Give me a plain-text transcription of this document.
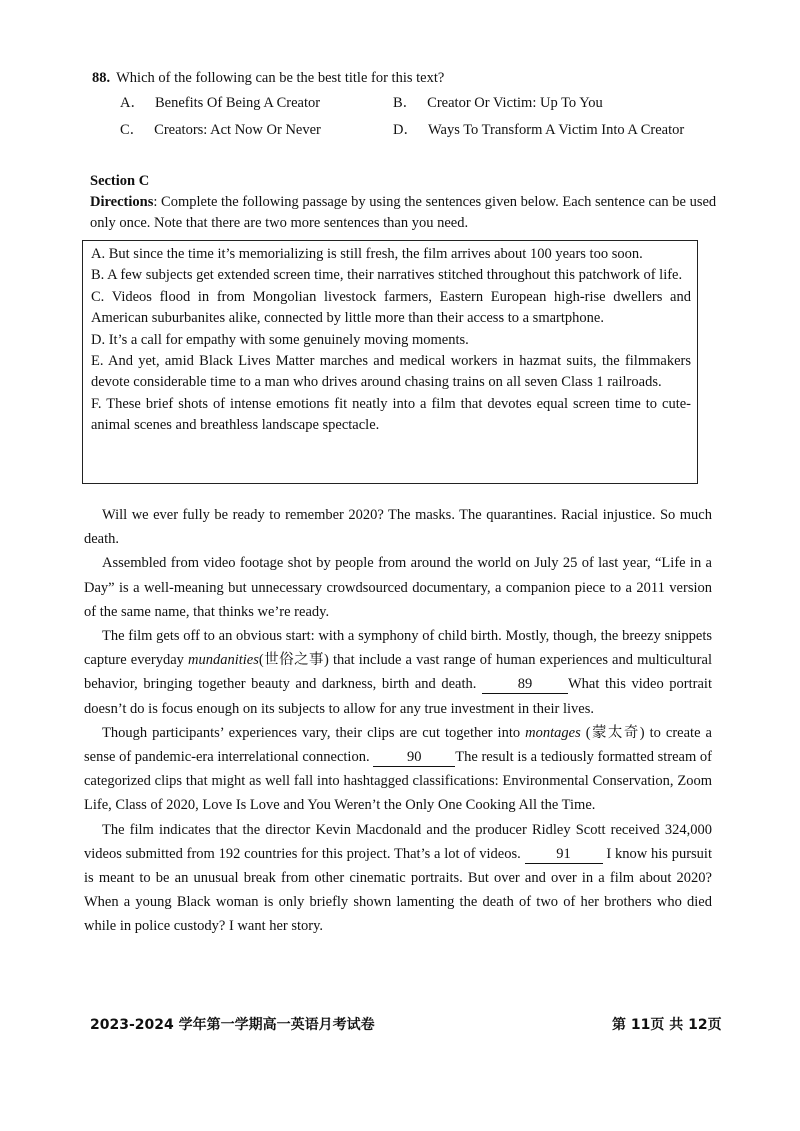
88. Which of the following can be the best title for this text?
A． Benefits Of Being A Creator	B． Creator Or Victim: Up To You
C． Creators: Act Now Or Never	D． Ways To Transform A Victim Into A Creator
Section C
Directions: Complete the following passage by using the sentences given below. Each sentence can be used only once. Note that there are two more sentences than you need.

A. But since the time it’s memorializing is still fresh, the film arrives about 100 years too soon.

B. A few subjects get extended screen time, their narratives stitched throughout this patchwork of life.

C. Videos flood in from Mongolian livestock farmers, Eastern European high-rise dwellers and American suburbanites alike, connected by little more than their access to a smartphone.

D. It’s a call for empathy with some genuinely moving moments.

E. And yet, amid Black Lives Matter marches and medical workers in hazmat suits, the filmmakers devote considerable time to a man who drives around chasing trains on all seven Class 1 railroads.

F. These brief shots of intense emotions fit neatly into a film that devotes equal screen time to cute-animal scenes and breathless landscape spectacle.

Will we ever fully be ready to remember 2020? The masks. The quarantines. Racial injustice. So much death.

Assembled from video footage shot by people from around the world on July 25 of last year, “Life in a Day” is a well-meaning but unnecessary crowdsourced documentary, a companion piece to a 2011 version of the same name, that thinks we’re ready.

The film gets off to an obvious start: with a symphony of child birth. Mostly, though, the breezy snippets capture everyday mundanities(世俗之事) that include a vast range of human experiences and multicultural behavior, bringing together beauty and darkness, birth and death. 89 What this video portrait doesn’t do is focus enough on its subjects to allow for any true investment in their lives.

Though participants’ experiences vary, their clips are cut together into montages (蒙太奇) to create a sense of pandemic-era interrelational connection. 90 The result is a tediously formatted stream of categorized clips that might as well fall into hashtagged classifications: Environmental Conservation, Zoom Life, Class of 2020, Love Is Love and You Weren’t the Only One Cooking All the Time.

The film indicates that the director Kevin Macdonald and the producer Ridley Scott received 324,000 videos submitted from 192 countries for this project. That’s a lot of videos. 91 I know his pursuit is meant to be an unusual break from other cinematic portraits. But over and over in a film about 2020? When a young Black woman is only briefly shown lamenting the death of two of her brothers who died while in police custody? I want her story.

2023-2024 学年第一学期高一英语月考试卷	第 11页 共 12页
